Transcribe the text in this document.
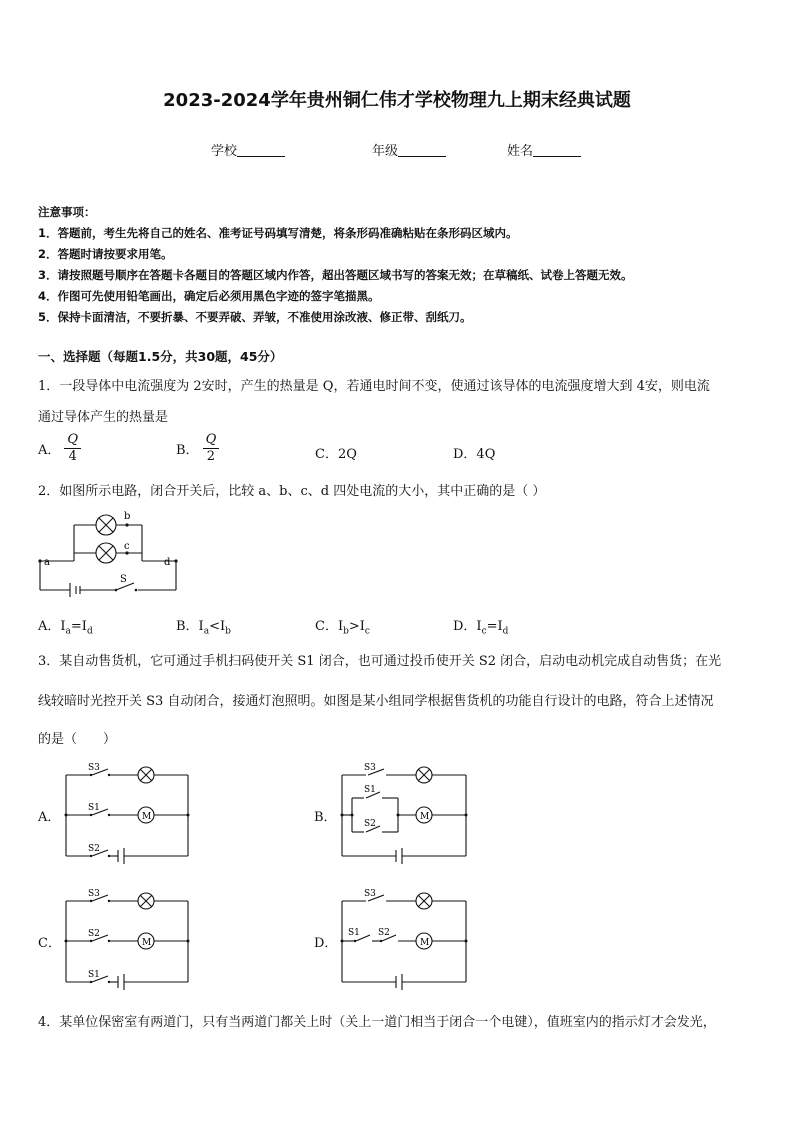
2023-2024学年贵州铜仁伟才学校物理九上期末经典试题
学校	年级	姓名
注意事项：
1．答题前，考生先将自己的姓名、准考证号码填写清楚，将条形码准确粘贴在条形码区域内。
2．答题时请按要求用笔。
3．请按照题号顺序在答题卡各题目的答题区域内作答，超出答题区域书写的答案无效；在草稿纸、试卷上答题无效。
4．作图可先使用铅笔画出，确定后必须用黑色字迹的签字笔描黑。
5．保持卡面清洁，不要折暴、不要弄破、弄皱，不准使用涂改液、修正带、刮纸刀。
一、选择题（每题1.5分，共30题，45分）
1．一段导体中电流强度为 2安时，产生的热量是 Q，若通电时间不变，使通过该导体的电流强度增大到 4安，则电流
通过导体产生的热量是
A． $\frac{Q}{4}$	B． $\frac{Q}{2}$	C．2Q	D．4Q
2．如图所示电路，闭合开关后，比较 a、b、c、d 四处电流的大小，其中正确的是（ ）
a
b
c
d
S
A．$I_a=I_d$	B．$I_a<I_b$	C．$I_b>I_c$	D．$I_c=I_d$
3．某自动售货机，它可通过手机扫码使开关 S1 闭合，也可通过投币使开关 S2 闭合，启动电动机完成自动售货；在光
线较暗时光控开关 S3 自动闭合，接通灯泡照明。如图是某小组同学根据售货机的功能自行设计的电路，符合上述情况
的是（　　）
A．	M
S3
S1
S2
B．	M
S3
S1
S2
C．	M
S3
S2
S1
D．	M
S3
S1 S2
4．某单位保密室有两道门，只有当两道门都关上时（关上一道门相当于闭合一个电键），值班室内的指示灯才会发光，
